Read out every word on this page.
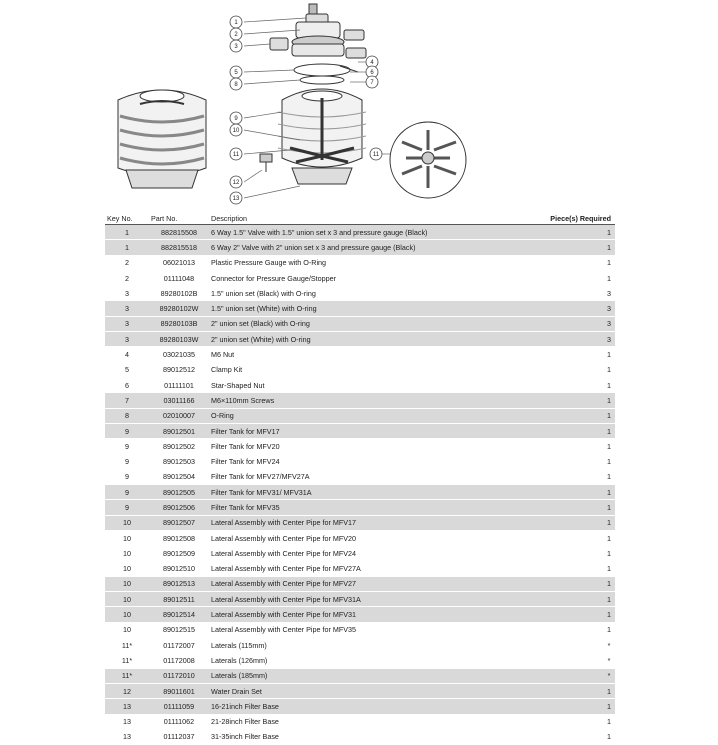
1
2
3
4
5	6
7
8
9
10
11
12
13
11
Key No.	Part No.	Description	Piece(s) Required
1	882815508	6 Way 1.5" Valve with 1.5" union set x 3 and pressure gauge (Black)	1
1	882815518	6 Way 2" Valve with 2" union set x 3 and pressure gauge (Black)	1
2	06021013	Plastic Pressure Gauge with O-Ring	1
2	01111048	Connector for Pressure Gauge/Stopper	1
3	89280102B	1.5" union set (Black) with O-ring	3
3	89280102W	1.5" union set (White) with O-ring	3
3	89280103B	2" union set (Black) with O-ring	3
3	89280103W	2" union set (White) with O-ring	3
4	03021035	M6 Nut	1
5	89012512	Clamp Kit	1
6	01111101	Star-Shaped Nut	1
7	03011166	M6×110mm Screws	1
8	02010007	O-Ring	1
9	89012501	Filter Tank for MFV17	1
9	89012502	Filter Tank for MFV20	1
9	89012503	Filter Tank for MFV24	1
9	89012504	Filter Tank for MFV27/MFV27A	1
9	89012505	Filter Tank for MFV31/ MFV31A	1
9	89012506	Filter Tank for MFV35	1
10	89012507	Lateral Assembly with Center Pipe for MFV17	1
10	89012508	Lateral Assembly with Center Pipe for MFV20	1
10	89012509	Lateral Assembly with Center Pipe for MFV24	1
10	89012510	Lateral Assembly with Center Pipe for MFV27A	1
10	89012513	Lateral Assembly with Center Pipe for MFV27	1
10	89012511	Lateral Assembly with Center Pipe for MFV31A	1
10	89012514	Lateral Assembly with Center Pipe for MFV31	1
10	89012515	Lateral Assembly with Center Pipe for MFV35	1
11*	01172007	Laterals (115mm)	*
11*	01172008	Laterals (126mm)	*
11*	01172010	Laterals (185mm)	*
12	89011601	Water Drain Set	1
13	01111059	16-21inch Filter Base	1
13	01111062	21-28inch Filter Base	1
13	01112037	31-35inch Filter Base	1
